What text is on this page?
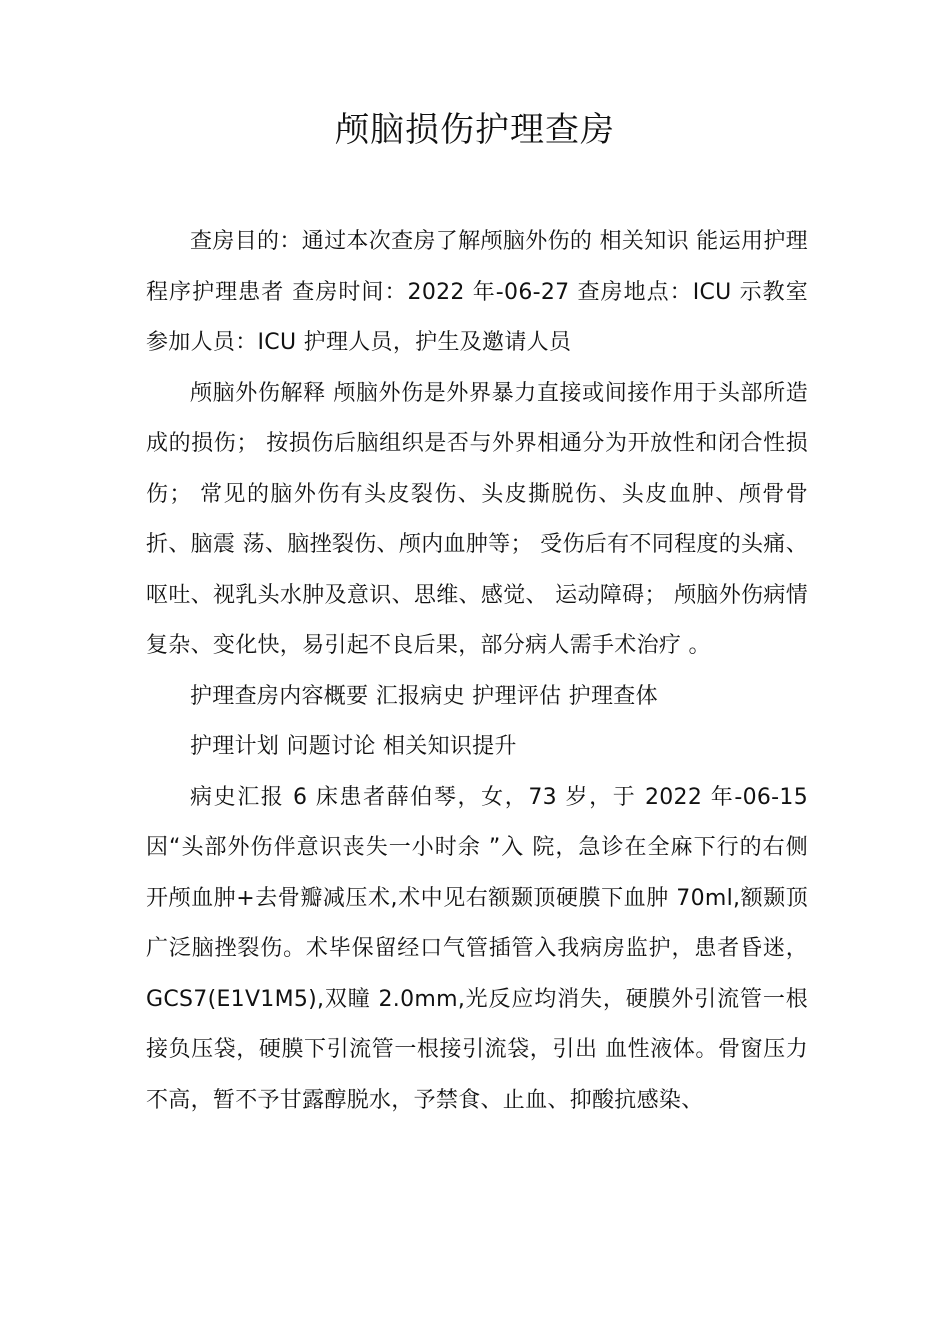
颅脑损伤护理查房

查房目的：通过本次查房了解颅脑外伤的 相关知识 能运用护理程序护理患者 查房时间：2022 年-06-27 查房地点：ICU 示教室 参加人员：ICU 护理人员，护生及邀请人员

颅脑外伤解释 颅脑外伤是外界暴力直接或间接作用于头部所造成的损伤； 按损伤后脑组织是否与外界相通分为开放性和闭合性损伤； 常见的脑外伤有头皮裂伤、头皮撕脱伤、头皮血肿、颅骨骨折、脑震 荡、脑挫裂伤、颅内血肿等； 受伤后有不同程度的头痛、呕吐、视乳头水肿及意识、思维、感觉、 运动障碍； 颅脑外伤病情复杂、变化快，易引起不良后果，部分病人需手术治疗 。

护理查房内容概要 汇报病史 护理评估 护理查体

护理计划 问题讨论 相关知识提升

病史汇报 6 床患者薛伯琴，女，73 岁，于 2022 年-06-15 因“头部外伤伴意识丧失一小时余 ”入 院，急诊在全麻下行的右侧开颅血肿+去骨瓣减压术,术中见右额颞顶硬膜下血肿 70ml,额颞顶广泛脑挫裂伤。术毕保留经口气管插管入我病房监护，患者昏迷，GCS7(E1V1M5),双瞳 2.0mm,光反应均消失，硬膜外引流管一根接负压袋，硬膜下引流管一根接引流袋，引出 血性液体。骨窗压力不高，暂不予甘露醇脱水，予禁食、止血、抑酸抗感染、
